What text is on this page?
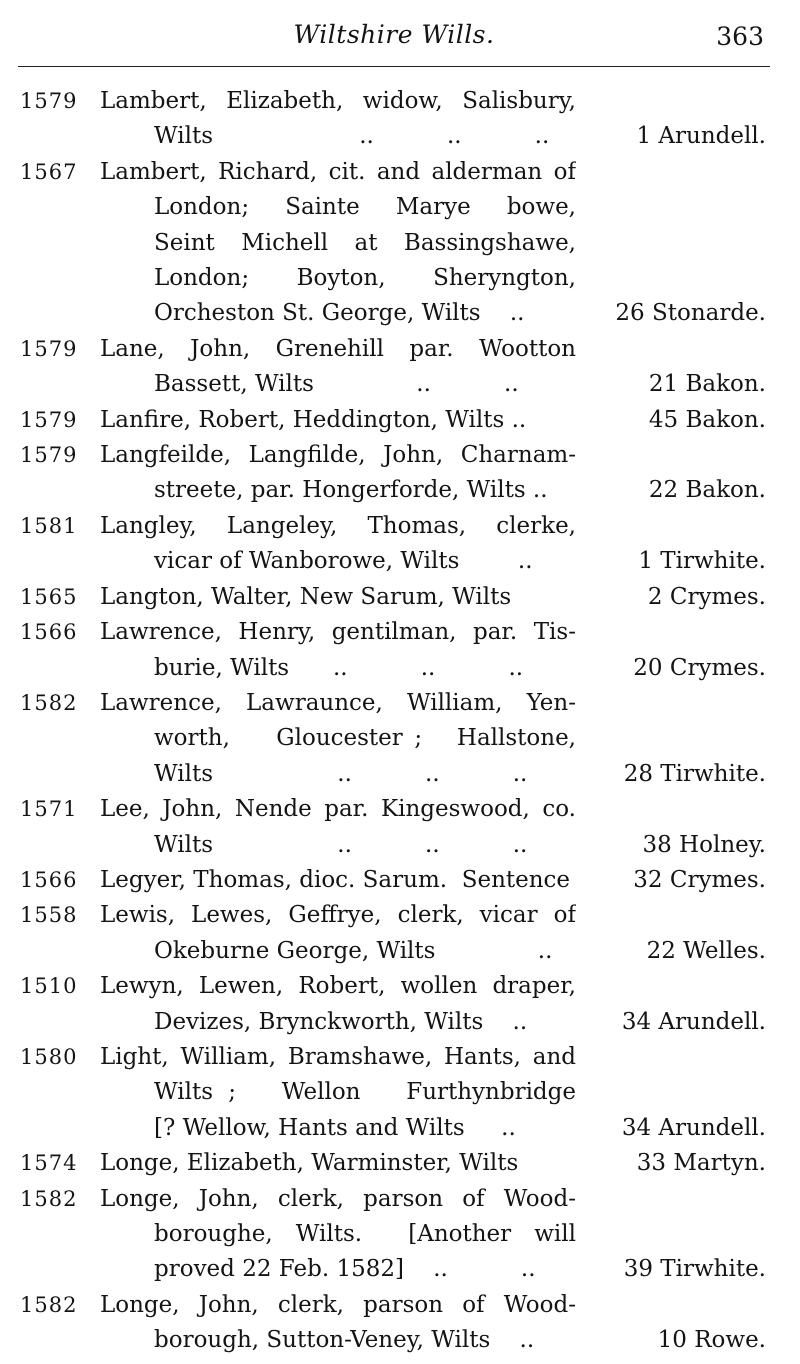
Wiltshire Wills.	363
1579 Lambert, Elizabeth, widow, Salisbury,
Wilts                    ..          ..          ..	1 Arundell.
1567 Lambert, Richard, cit. and alderman of
London;  Sainte  Marye  bowe,
Seint Michell at Bassingshawe,
London;  Boyton,  Sheryngton,
Orcheston St. George, Wilts    ..	26 Stonarde.
1579 Lane, John, Grenehill par. Wootton
Bassett, Wilts              ..          ..	21 Bakon.
1579 Lanfire, Robert, Heddington, Wilts ..	45 Bakon.
1579 Langfeilde, Langfilde, John, Charnam-
streete, par. Hongerforde, Wilts ..	22 Bakon.
1581 Langley, Langeley, Thomas, clerke,
vicar of Wanborowe, Wilts        ..	1 Tirwhite.
1565 Langton, Walter, New Sarum, Wilts	2 Crymes.
1566 Lawrence, Henry, gentilman, par. Tis-
burie, Wilts      ..          ..          ..	20 Crymes.
1582 Lawrence, Lawraunce, William, Yen-
worth,    Gloucester ;   Hallstone,
Wilts                 ..          ..          ..	28 Tirwhite.
1571 Lee, John, Nende par. Kingeswood, co.
Wilts                 ..          ..          ..	38 Holney.
1566 Legyer, Thomas, dioc. Sarum.  Sentence	32 Crymes.
1558 Lewis, Lewes, Geffrye, clerk, vicar of
Okeburne George, Wilts              ..	22 Welles.
1510 Lewyn, Lewen, Robert, wollen draper,
Devizes, Brynckworth, Wilts    ..	34 Arundell.
1580 Light, William, Bramshawe, Hants, and
Wilts ;   Wellon   Furthynbridge
[? Wellow, Hants and Wilts     ..	34 Arundell.
1574 Longe, Elizabeth, Warminster, Wilts	33 Martyn.
1582 Longe, John, clerk, parson of Wood-
boroughe, Wilts.  [Another will
proved 22 Feb. 1582]    ..          ..	39 Tirwhite.
1582 Longe, John, clerk, parson of Wood-
borough, Sutton-Veney, Wilts    ..	10 Rowe.
